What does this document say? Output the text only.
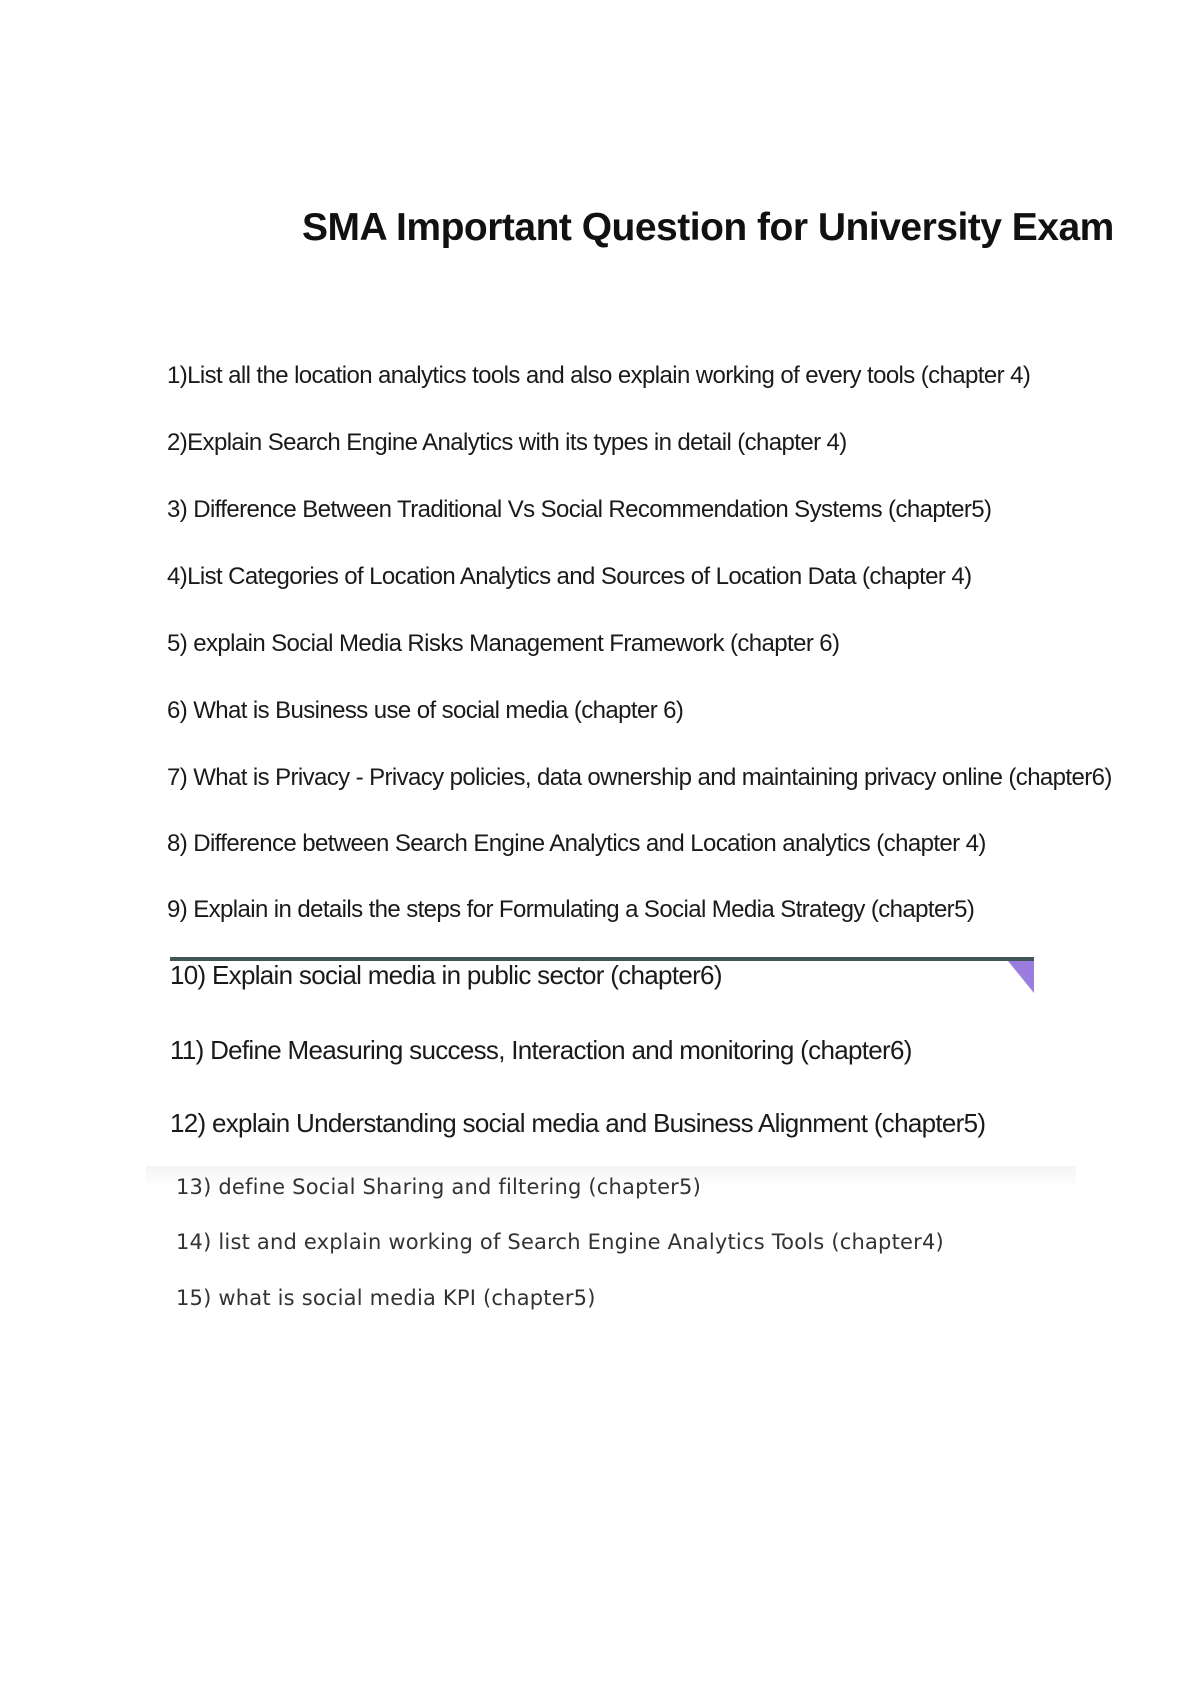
SMA Important Question for University Exam
1)List all the location analytics tools and also explain working of every tools (chapter 4)
2)Explain Search Engine Analytics with its types in detail (chapter 4)
3) Difference Between Traditional Vs Social Recommendation Systems (chapter5)
4)List Categories of Location Analytics and Sources of Location Data (chapter 4)
5) explain Social Media Risks Management Framework (chapter 6)
6) What is Business use of social media (chapter 6)
7) What is Privacy - Privacy policies, data ownership and maintaining privacy online (chapter6)
8) Difference between Search Engine Analytics and Location analytics (chapter 4)
9) Explain in details the steps for Formulating a Social Media Strategy (chapter5)
10) Explain social media in public sector (chapter6)
11) Define Measuring success, Interaction and monitoring (chapter6)
12) explain Understanding social media and Business Alignment (chapter5)
13) define Social Sharing and filtering (chapter5)
14) list and explain working of Search Engine Analytics Tools (chapter4)
15) what is social media KPI (chapter5)
